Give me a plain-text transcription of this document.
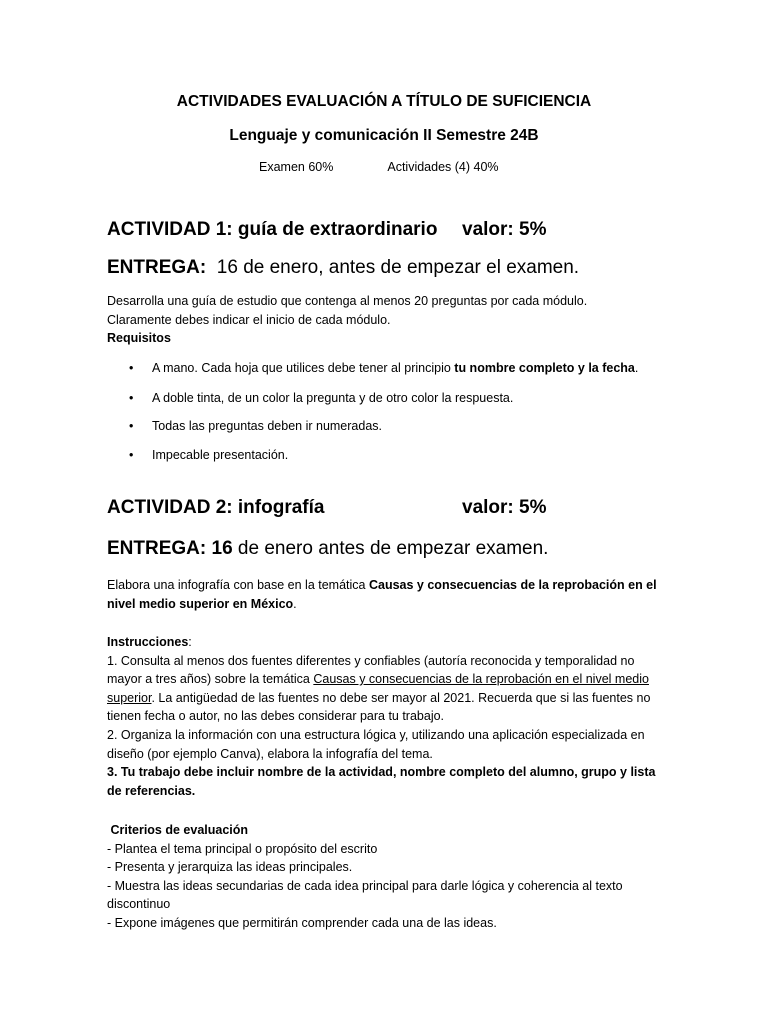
ACTIVIDADES EVALUACIÓN A TÍTULO DE SUFICIENCIA
Lenguaje y comunicación II Semestre 24B
Examen 60%	Actividades (4) 40%
ACTIVIDAD 1: guía de extraordinario valor: 5%
ENTREGA:  16 de enero, antes de empezar el examen.
Desarrolla una guía de estudio que contenga al menos 20 preguntas por cada módulo.
Claramente debes indicar el inicio de cada módulo.
Requisitos
• A mano. Cada hoja que utilices debe tener al principio tu nombre completo y la fecha.
• A doble tinta, de un color la pregunta y de otro color la respuesta.
• Todas las preguntas deben ir numeradas.
• Impecable presentación.
ACTIVIDAD 2: infografía	valor: 5%
ENTREGA: 16 de enero antes de empezar examen.
Elabora una infografía con base en la temática Causas y consecuencias de la reprobación en el nivel medio superior en México.
Instrucciones:
1. Consulta al menos dos fuentes diferentes y confiables (autoría reconocida y temporalidad no mayor a tres años) sobre la temática Causas y consecuencias de la reprobación en el nivel medio superior. La antigüedad de las fuentes no debe ser mayor al 2021. Recuerda que si las fuentes no tienen fecha o autor, no las debes considerar para tu trabajo.
2. Organiza la información con una estructura lógica y, utilizando una aplicación especializada en diseño (por ejemplo Canva), elabora la infografía del tema.
3. Tu trabajo debe incluir nombre de la actividad, nombre completo del alumno, grupo y lista de referencias.
Criterios de evaluación
- Plantea el tema principal o propósito del escrito
- Presenta y jerarquiza las ideas principales.
- Muestra las ideas secundarias de cada idea principal para darle lógica y coherencia al texto discontinuo
- Expone imágenes que permitirán comprender cada una de las ideas.
